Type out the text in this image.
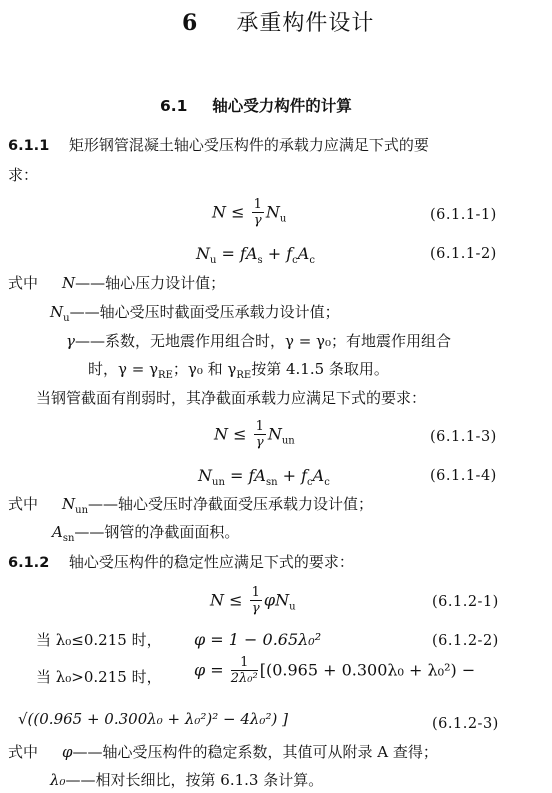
6 承重构件设计
6.1 轴心受力构件的计算
6.1.1 矩形钢管混凝土轴心受压构件的承载力应满足下式的要
求：
$N \le \frac{1}{\gamma} N_u$	(6.1.1-1)
$N_u = fA_s + f_cA_c$	(6.1.1-2)
式中 N——轴心压力设计值；
$N_u——$轴心受压时截面受压承载力设计值；
γ——系数，无地震作用组合时，γ = γ₀；有地震作用组合
时，$\gamma = \gamma_{RE}$；γ₀ 和 $\gamma_{RE}$按第 4.1.5 条取用。
当钢管截面有削弱时，其净截面承载力应满足下式的要求：
$N \le \frac{1}{\gamma} N_{un}$	(6.1.1-3)
$N_{un} = fA_{sn} + f_cA_c$	(6.1.1-4)
式中 $N_{un}——$轴心受压时净截面受压承载力设计值；
$A_{sn}——$钢管的净截面面积。
6.1.2 轴心受压构件的稳定性应满足下式的要求：
$N \le \frac{1}{\gamma} \varphi N_u$	(6.1.2-1)
当 λ₀≤0.215 时， φ = 1 − 0.65λ₀²	(6.1.2-2)
当 λ₀>0.215 时， $\varphi = \frac{1}{\text{2λ₀²}} [(0.965 + 0.300\lambda_0 + \lambda_0^2)$ −
√((0.965 + 0.300λ₀ + λ₀²)² − 4λ₀²) ]	(6.1.2-3)
式中 φ——轴心受压构件的稳定系数，其值可从附录 A 查得；
λ₀——相对长细比，按第 6.1.3 条计算。
